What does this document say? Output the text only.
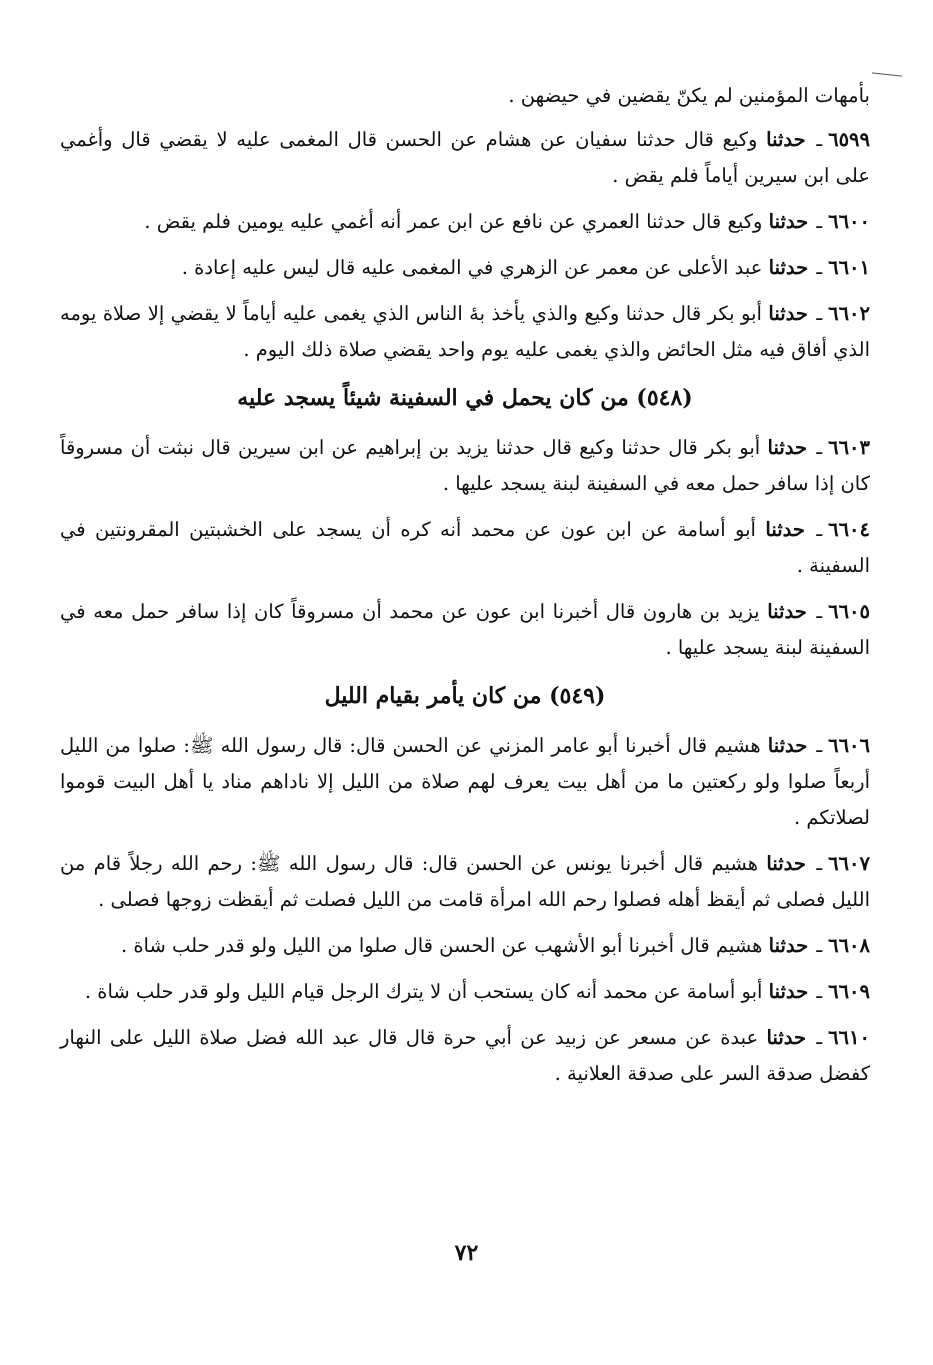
بأمهات المؤمنين لم يكنّ يقضين في حيضهن .

٦٥٩٩ـ حدثنا وكيع قال حدثنا سفيان عن هشام عن الحسن قال المغمى عليه لا يقضي قال وأغمي على ابن سيرين أياماً فلم يقض .

٦٦٠٠ـ حدثنا وكيع قال حدثنا العمري عن نافع عن ابن عمر أنه أغمي عليه يومين فلم يقض .

٦٦٠١ـ حدثنا عبد الأعلى عن معمر عن الزهري في المغمى عليه قال ليس عليه إعادة .

٦٦٠٢ـ حدثنا أبو بكر قال حدثنا وكيع والذي يأخذ بهٔ الناس الذي يغمى عليه أياماً لا يقضي إلا صلاة يومه الذي أفاق فيه مثل الحائض والذي يغمى عليه يوم واحد يقضي صلاة ذلك اليوم .

(٥٤٨) من كان يحمل في السفينة شيئاً يسجد عليه

٦٦٠٣ـ حدثنا أبو بكر قال حدثنا وكيع قال حدثنا يزيد بن إبراهيم عن ابن سيرين قال نبثت أن مسروقاً كان إذا سافر حمل معه في السفينة لبنة يسجد عليها .

٦٦٠٤ـ حدثنا أبو أسامة عن ابن عون عن محمد أنه كره أن يسجد على الخشبتين المقرونتين في السفينة .

٦٦٠٥ـ حدثنا يزيد بن هارون قال أخبرنا ابن عون عن محمد أن مسروقاً كان إذا سافر حمل معه في السفينة لبنة يسجد عليها .

(٥٤٩) من كان يأمر بقيام الليل

٦٦٠٦ـ حدثنا هشيم قال أخبرنا أبو عامر المزني عن الحسن قال: قال رسول الله ﷺ: صلوا من الليل أربعاً صلوا ولو ركعتين ما من أهل بيت يعرف لهم صلاة من الليل إلا ناداهم مناد يا أهل البيت قوموا لصلاتكم .

٦٦٠٧ـ حدثنا هشيم قال أخبرنا يونس عن الحسن قال: قال رسول الله ﷺ: رحم الله رجلاً قام من الليل فصلى ثم أيقظ أهله فصلوا رحم الله امرأة قامت من الليل فصلت ثم أيقظت زوجها فصلى .

٦٦٠٨ـ حدثنا هشيم قال أخبرنا أبو الأشهب عن الحسن قال صلوا من الليل ولو قدر حلب شاة .

٦٦٠٩ـ حدثنا أبو أسامة عن محمد أنه كان يستحب أن لا يترك الرجل قيام الليل ولو قدر حلب شاة .

٦٦١٠ـ حدثنا عبدة عن مسعر عن زبيد عن أبي حرة قال قال عبد الله فضل صلاة الليل على النهار كفضل صدقة السر على صدقة العلانية .

٧٢
